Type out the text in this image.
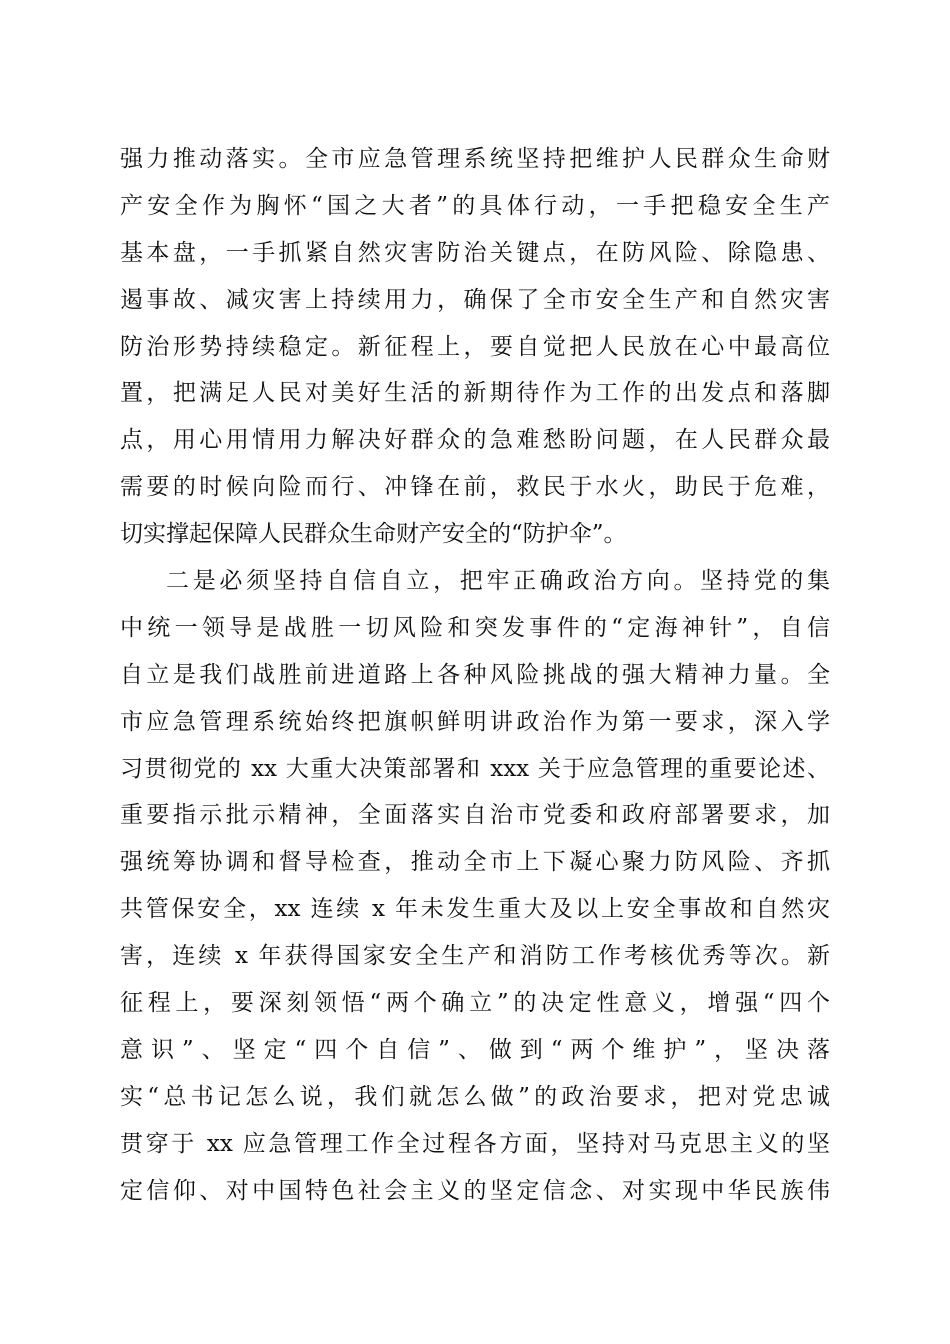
强力推动落实。全市应急管理系统坚持把维护人民群众生命财
产安全作为胸怀“国之大者”的具体行动，一手把稳安全生产
基本盘，一手抓紧自然灾害防治关键点，在防风险、除隐患、
遏事故、减灾害上持续用力，确保了全市安全生产和自然灾害
防治形势持续稳定。新征程上，要自觉把人民放在心中最高位
置，把满足人民对美好生活的新期待作为工作的出发点和落脚
点，用心用情用力解决好群众的急难愁盼问题，在人民群众最
需要的时候向险而行、冲锋在前，救民于水火，助民于危难，
切实撑起保障人民群众生命财产安全的“防护伞”。
二是必须坚持自信自立，把牢正确政治方向。坚持党的集
中统一领导是战胜一切风险和突发事件的“定海神针”，自信
自立是我们战胜前进道路上各种风险挑战的强大精神力量。全
市应急管理系统始终把旗帜鲜明讲政治作为第一要求，深入学
习贯彻党的 xx 大重大决策部署和 xxx 关于应急管理的重要论述、
重要指示批示精神，全面落实自治市党委和政府部署要求，加
强统筹协调和督导检查，推动全市上下凝心聚力防风险、齐抓
共管保安全，xx 连续 x 年未发生重大及以上安全事故和自然灾
害，连续 x 年获得国家安全生产和消防工作考核优秀等次。新
征程上，要深刻领悟“两个确立”的决定性意义，增强“四个
意识”、坚定“四个自信”、做到“两个维护”，坚决落
实“总书记怎么说，我们就怎么做”的政治要求，把对党忠诚
贯穿于 xx 应急管理工作全过程各方面，坚持对马克思主义的坚
定信仰、对中国特色社会主义的坚定信念、对实现中华民族伟
